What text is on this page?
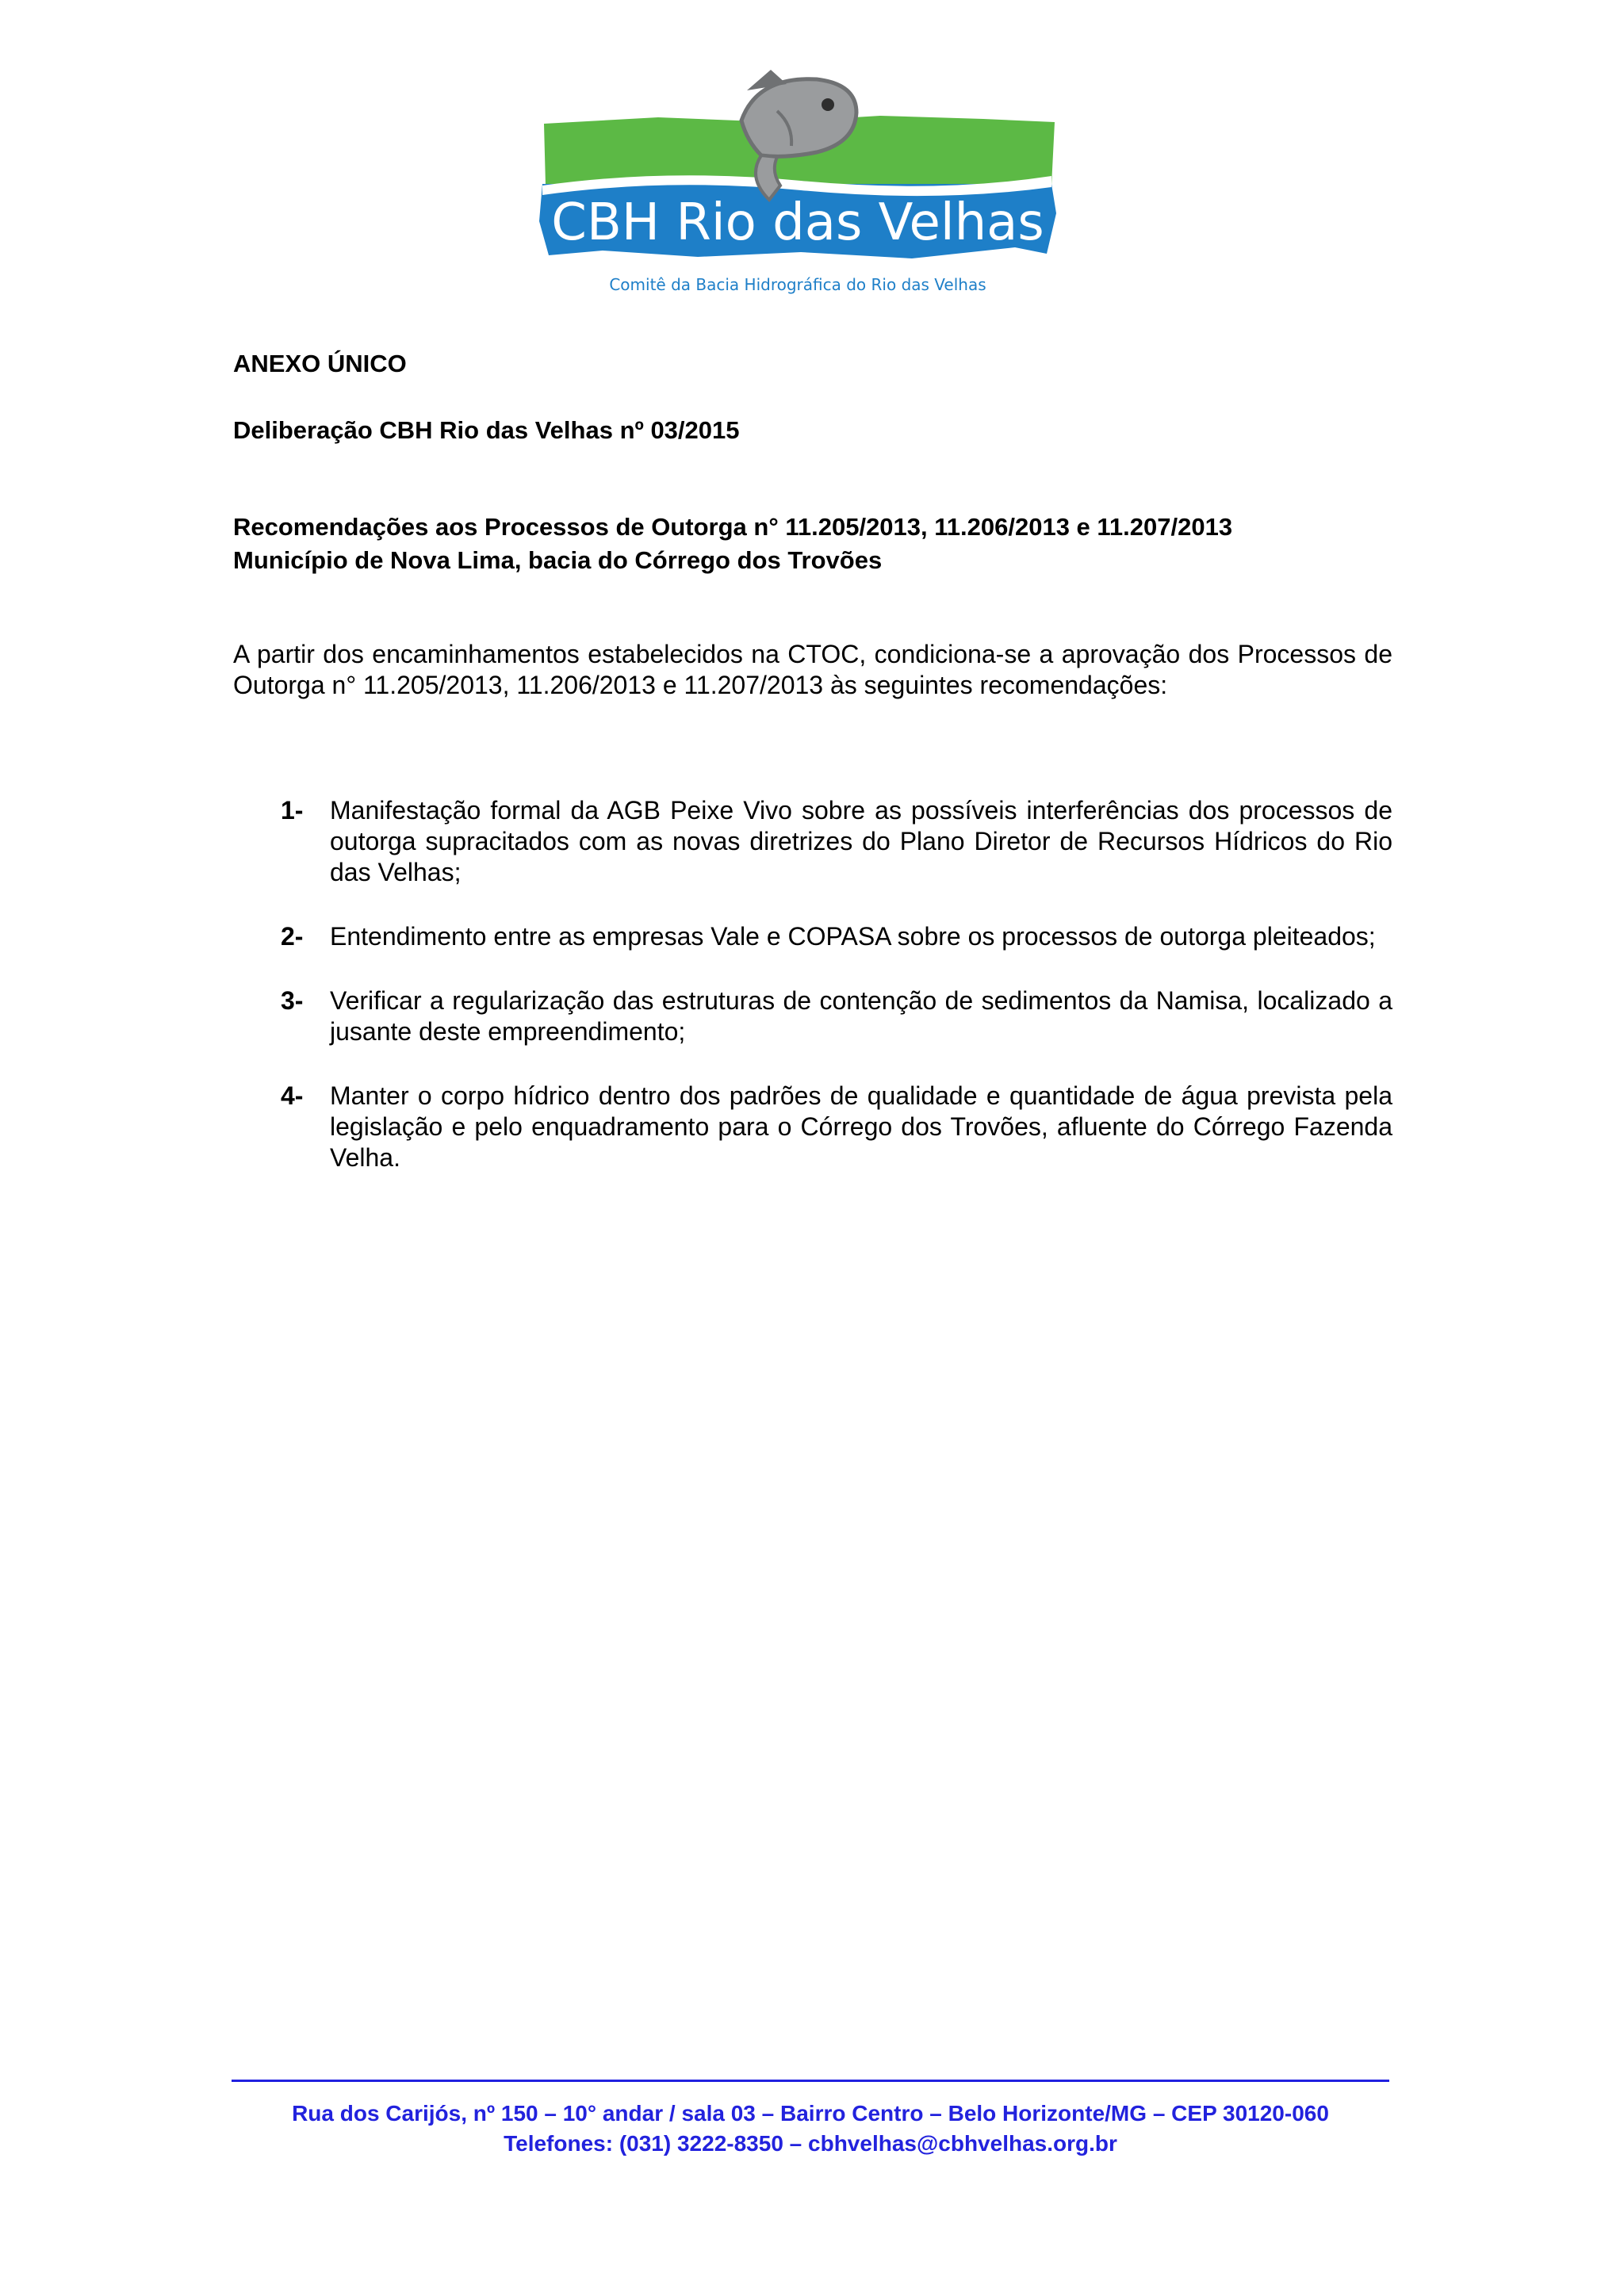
CBH Rio das Velhas
Comitê da Bacia Hidrográfica do Rio das Velhas
ANEXO ÚNICO
Deliberação CBH Rio das Velhas nº 03/2015
Recomendações aos Processos de Outorga n° 11.205/2013, 11.206/2013 e 11.207/2013
Município de Nova Lima, bacia do Córrego dos Trovões

A partir dos encaminhamentos estabelecidos na CTOC, condiciona-se a aprovação dos Processos de Outorga n° 11.205/2013, 11.206/2013 e 11.207/2013 às seguintes recomendações:

1- Manifestação formal da AGB Peixe Vivo sobre as possíveis interferências dos processos de outorga supracitados com as novas diretrizes do Plano Diretor de Recursos Hídricos do Rio das Velhas;
2- Entendimento entre as empresas Vale e COPASA sobre os processos de outorga pleiteados;
3- Verificar a regularização das estruturas de contenção de sedimentos da Namisa, localizado a jusante deste empreendimento;
4- Manter o corpo hídrico dentro dos padrões de qualidade e quantidade de água prevista pela legislação e pelo enquadramento para o Córrego dos Trovões, afluente do Córrego Fazenda Velha.

Rua dos Carijós, nº 150 – 10° andar / sala 03 – Bairro Centro – Belo Horizonte/MG – CEP 30120-060

Telefones: (031) 3222-8350 – cbhvelhas@cbhvelhas.org.br
